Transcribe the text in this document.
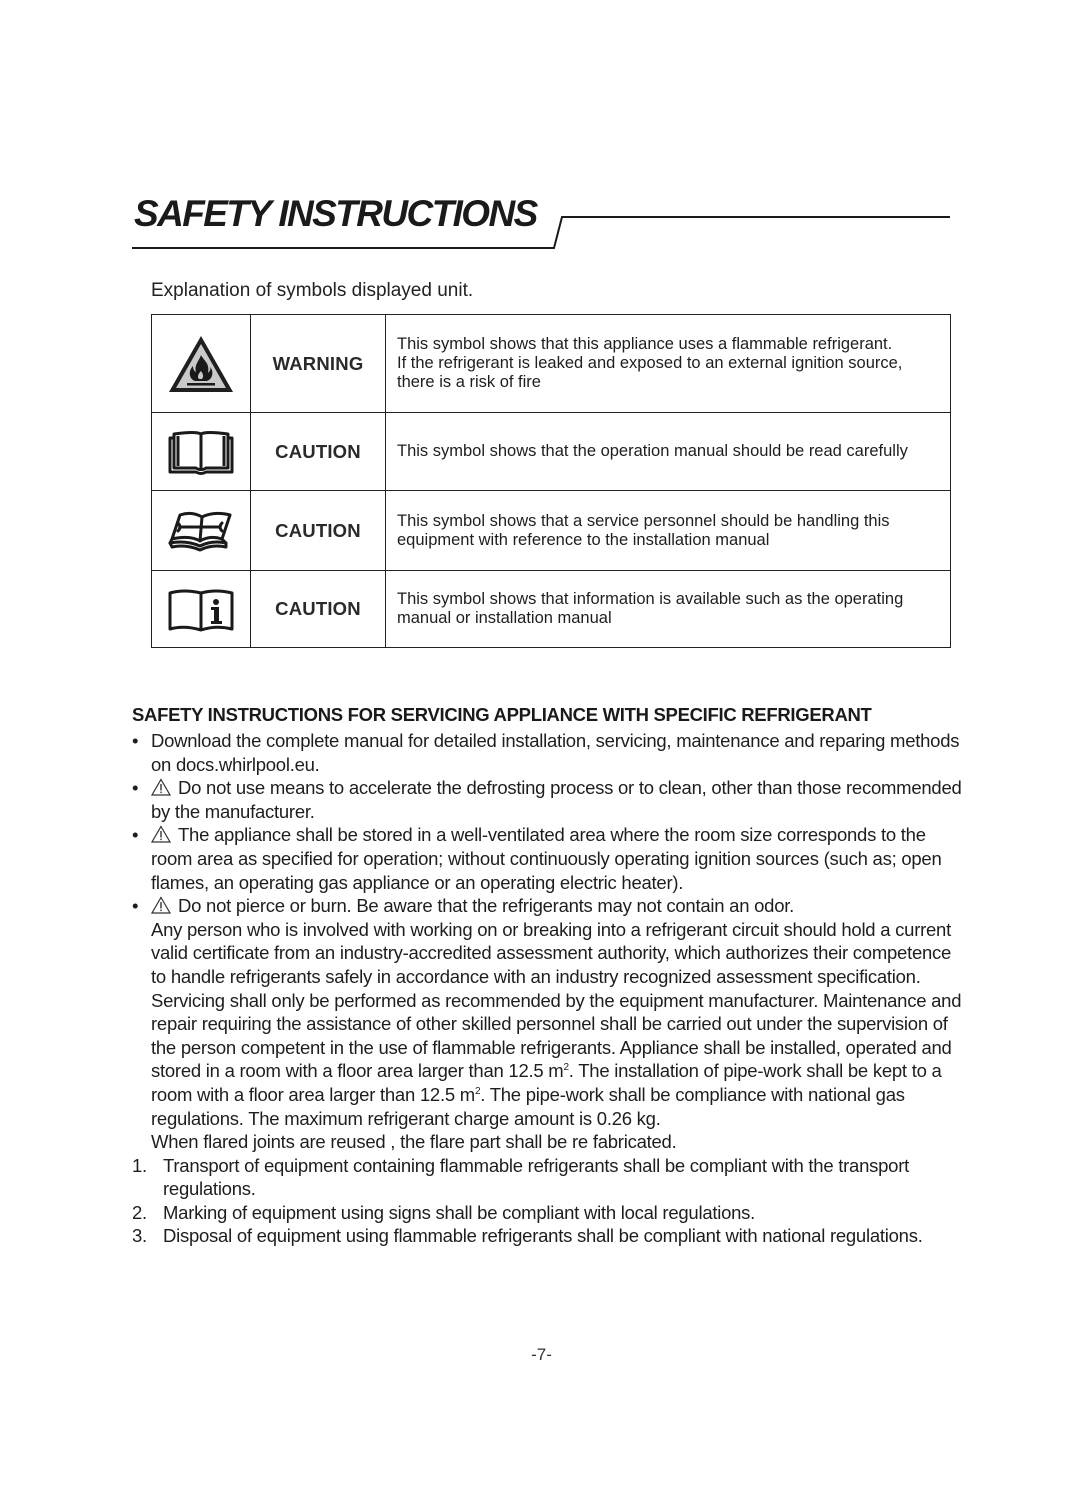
SAFETY INSTRUCTIONS
Explanation of symbols displayed unit.
	WARNING	This symbol shows that this appliance uses a flammable refrigerant.
If the refrigerant is leaked and exposed to an external ignition source, there is a risk of fire

	CAUTION	This symbol shows that the operation manual should be read carefully

	CAUTION	This symbol shows that a service personnel should be handling this equipment with reference to the installation manual

	CAUTION	This symbol shows that information is available such as the operating manual or installation manual
SAFETY INSTRUCTIONS FOR SERVICING APPLIANCE WITH SPECIFIC REFRIGERANT
• Download the complete manual for detailed installation, servicing, maintenance and reparing methods on docs.whirlpool.eu.
• Do not use means to accelerate the defrosting process or to clean, other than those recommended by the manufacturer.
• The appliance shall be stored in a well-ventilated area where the room size corresponds to the room area as specified for operation; without continuously operating ignition sources (such as; open flames, an operating gas appliance or an operating electric heater).
• Do not pierce or burn. Be aware that the refrigerants may not contain an odor.
Any person who is involved with working on or breaking into a refrigerant circuit should hold a current valid certificate from an industry-accredited assessment authority, which authorizes their competence to handle refrigerants safely in accordance with an industry recognized assessment specification. Servicing shall only be performed as recommended by the equipment manufacturer. Maintenance and repair requiring the assistance of other skilled personnel shall be carried out under the supervision of the person competent in the use of flammable refrigerants. Appliance shall be installed, operated and stored in a room with a floor area larger than 12.5 $m^2$. The installation of pipe-work shall be kept to a room with a floor area larger than 12.5 $m^2$. The pipe-work shall be compliance with national gas regulations. The maximum refrigerant charge amount is 0.26 kg.
When flared joints are reused , the flare part shall be re fabricated.
1. Transport of equipment containing flammable refrigerants shall be compliant with the transport regulations.
2. Marking of equipment using signs shall be compliant with local regulations.
3. Disposal of equipment using flammable refrigerants shall be compliant with national regulations.
-7-
